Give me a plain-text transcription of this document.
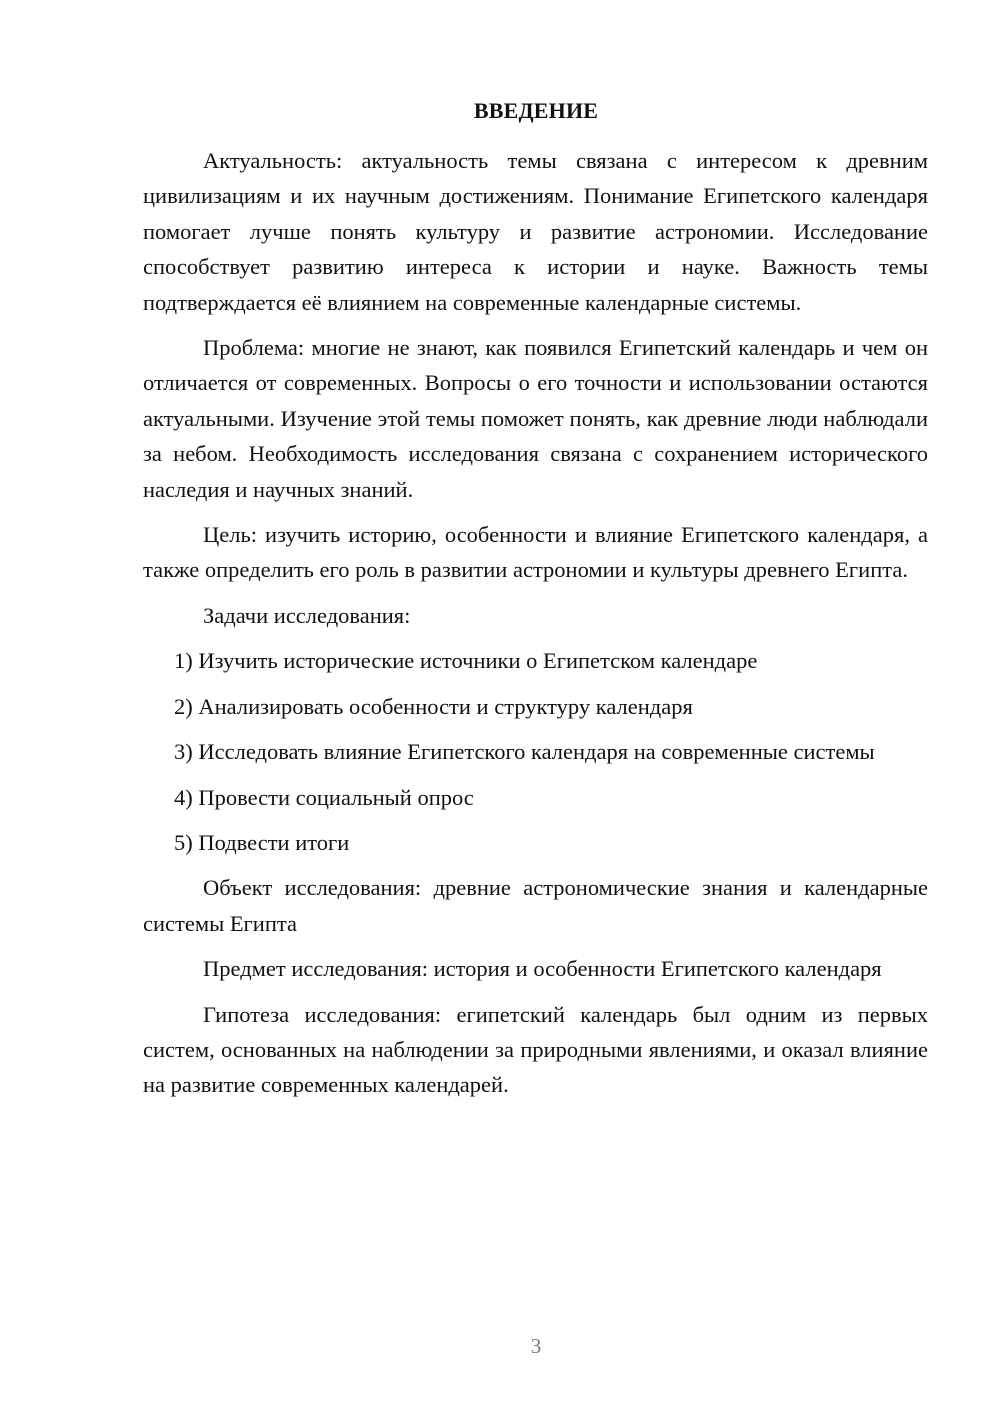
ВВЕДЕНИЕ

Актуальность: актуальность темы связана с интересом к древним цивилизациям и их научным достижениям. Понимание Египетского календаря помогает лучше понять культуру и развитие астрономии. Исследование способствует развитию интереса к истории и науке. Важность темы подтверждается её влиянием на современные календарные системы.

Проблема: многие не знают, как появился Египетский календарь и чем он отличается от современных. Вопросы о его точности и использовании остаются актуальными. Изучение этой темы поможет понять, как древние люди наблюдали за небом. Необходимость исследования связана с сохранением исторического наследия и научных знаний.

Цель: изучить историю, особенности и влияние Египетского календаря, а также определить его роль в развитии астрономии и культуры древнего Египта.

Задачи исследования:

1) Изучить исторические источники о Египетском календаре

2) Анализировать особенности и структуру календаря

3) Исследовать влияние Египетского календаря на современные системы

4) Провести социальный опрос

5) Подвести итоги

Объект исследования: древние астрономические знания и календарные системы Египта

Предмет исследования: история и особенности Египетского календаря

Гипотеза исследования: египетский календарь был одним из первых систем, основанных на наблюдении за природными явлениями, и оказал влияние на развитие современных календарей.

3
